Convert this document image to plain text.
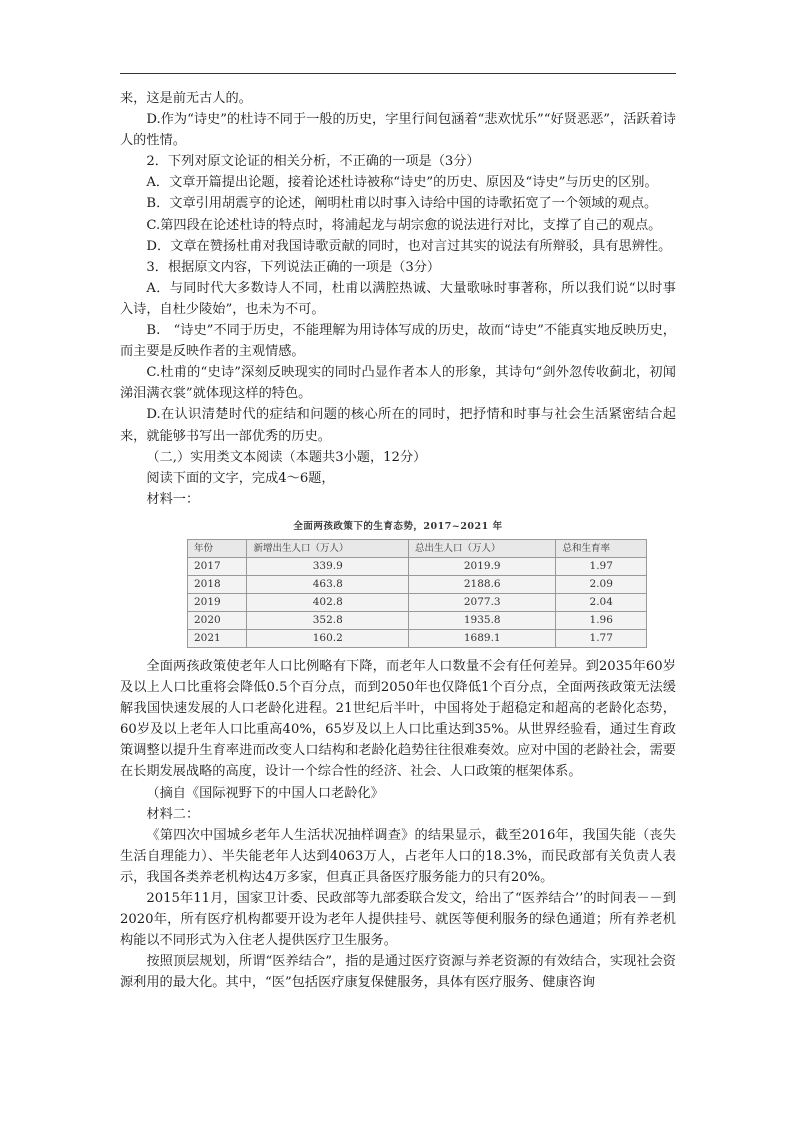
来，这是前无古人的。

D.作为“诗史”的杜诗不同于一般的历史，字里行间包涵着“悲欢忧乐”“好贤恶恶”，活跃着诗人的性情。

2．下列对原文论证的相关分析，不正确的一项是（3分）

A．文章开篇提出论题，接着论述杜诗被称“诗史”的历史、原因及“诗史”与历史的区别。

B．文章引用胡震亨的论述，阐明杜甫以时事入诗给中国的诗歌拓宽了一个领域的观点。

C.第四段在论述杜诗的特点时，将浦起龙与胡宗愈的说法进行对比，支撑了自己的观点。

D．文章在赞扬杜甫对我国诗歌贡献的同时，也对言过其实的说法有所辩驳，具有思辨性。

3．根据原文内容，下列说法正确的一项是（3分）

A．与同时代大多数诗人不同，杜甫以满腔热诚、大量歌咏时事著称，所以我们说“以时事入诗，自杜少陵始”，也未为不可。

B.　“诗史”不同于历史，不能理解为用诗体写成的历史，故而“诗史”不能真实地反映历史，而主要是反映作者的主观情感。

C.杜甫的“史诗”深刻反映现实的同时凸显作者本人的形象，其诗句“剑外忽传收蓟北，初闻涕泪满衣裳”就体现这样的特色。

D.在认识清楚时代的症结和问题的核心所在的同时，把抒情和时事与社会生活紧密结合起来，就能够书写出一部优秀的历史。

（二,）实用类文本阅读（本题共3小题，12分）

阅读下面的文字，完成4～6题，

材料一：

全面两孩政策下的生育态势，2017~2021 年
年份	新增出生人口（万人）	总出生人口（万人）	总和生育率
2017	339.9	2019.9	1.97
2018	463.8	2188.6	2.09
2019	402.8	2077.3	2.04
2020	352.8	1935.8	1.96
2021	160.2	1689.1	1.77

全面两孩政策使老年人口比例略有下降，而老年人口数量不会有任何差异。到2035年60岁及以上人口比重将会降低0.5个百分点，而到2050年也仅降低1个百分点，全面两孩政策无法缓解我国快速发展的人口老龄化进程。21世纪后半叶，中国将处于超稳定和超高的老龄化态势，60岁及以上老年人口比重高40%，65岁及以上人口比重达到35%。从世界经验看，通过生育政策调整以提升生育率进而改变人口结构和老龄化趋势往往很难奏效。应对中国的老龄社会，需要在长期发展战略的高度，设计一个综合性的经济、社会、人口政策的框架体系。

（摘自《国际视野下的中国人口老龄化》

材料二：

《第四次中国城乡老年人生活状况抽样调查》的结果显示，截至2016年，我国失能（丧失生活自理能力）、半失能老年人达到4063万人，占老年人口的18.3%，而民政部有关负责人表示，我国各类养老机构达4万多家，但真正具备医疗服务能力的只有20%。

2015年11月，国家卫计委、民政部等九部委联合发文，给出了“医养结合’’的时间表－－到2020年，所有医疗机构都要开设为老年人提供挂号、就医等便利服务的绿色通道；所有养老机构能以不同形式为入住老人提供医疗卫生服务。

按照顶层规划，所谓“医养结合”，指的是通过医疗资源与养老资源的有效结合，实现社会资源利用的最大化。其中，“医”包括医疗康复保健服务，具体有医疗服务、健康咨询
